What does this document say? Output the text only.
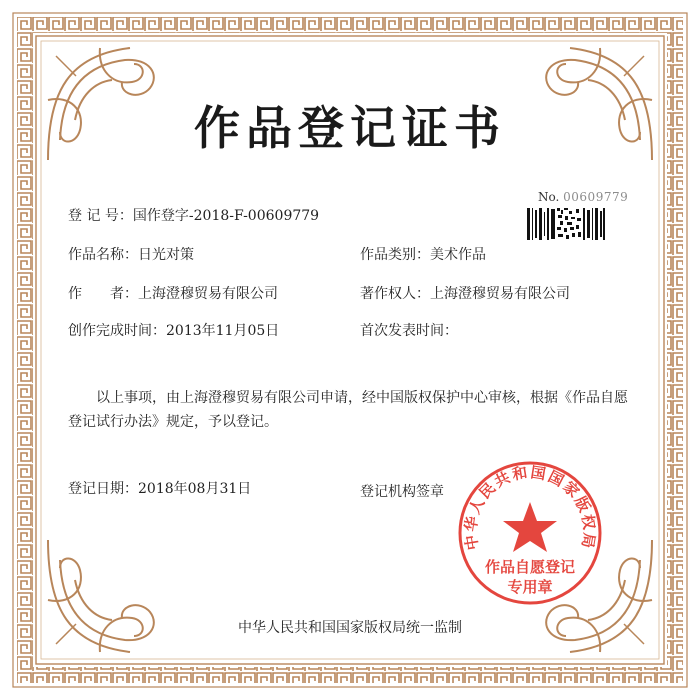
作品登记证书
No. 00609779
登 记 号：国作登字-2018-F-00609779
作品名称：日光对策	作品类别：美术作品
作　　者：上海澄穆贸易有限公司	著作权人：上海澄穆贸易有限公司
创作完成时间：2013年11月05日	首次发表时间：

以上事项，由上海澄穆贸易有限公司申请，经中国版权保护中心审核，根据《作品自愿登记试行办法》规定，予以登记。

登记日期：2018年08月31日	登记机构签章
中华人民共和国国家版权局
作品自愿登记
专用章
中华人民共和国国家版权局统一监制
